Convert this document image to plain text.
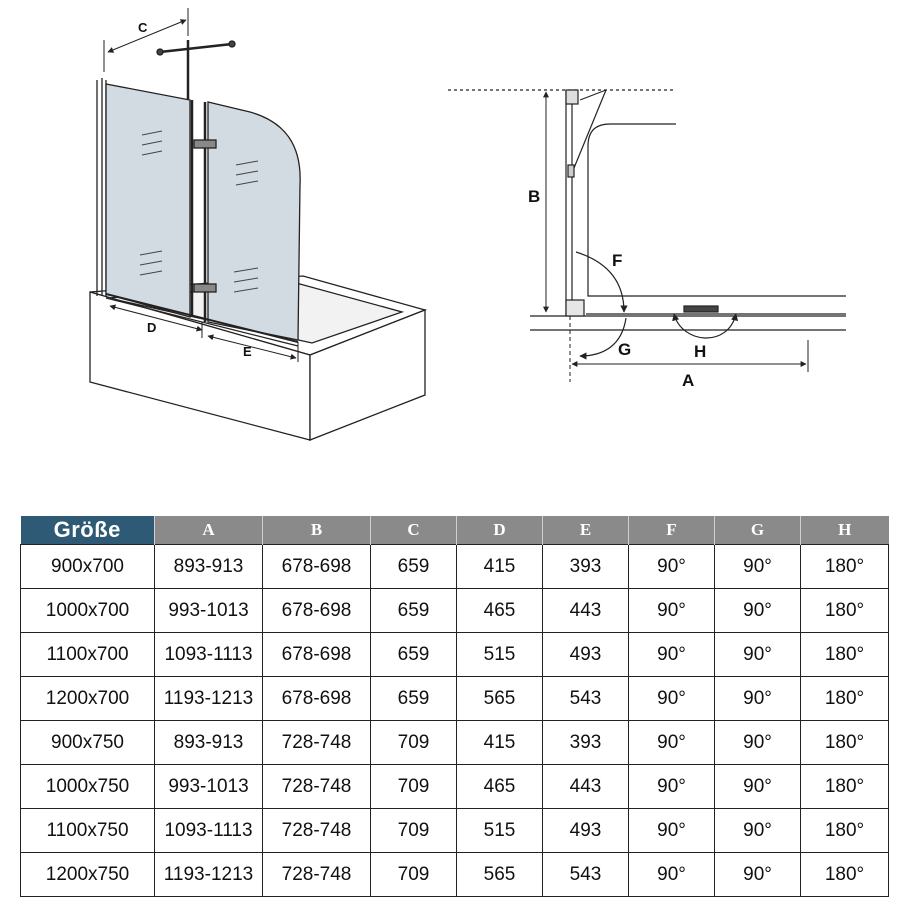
C
D
E
B
F
G	H
A
Größe	A	B	C	D	E	F	G	H
900x700	893-913	678-698	659	415	393	90°	90°	180°
1000x700	993-1013	678-698	659	465	443	90°	90°	180°
1100x700	1093-1113	678-698	659	515	493	90°	90°	180°
1200x700	1193-1213	678-698	659	565	543	90°	90°	180°
900x750	893-913	728-748	709	415	393	90°	90°	180°
1000x750	993-1013	728-748	709	465	443	90°	90°	180°
1100x750	1093-1113	728-748	709	515	493	90°	90°	180°
1200x750	1193-1213	728-748	709	565	543	90°	90°	180°
